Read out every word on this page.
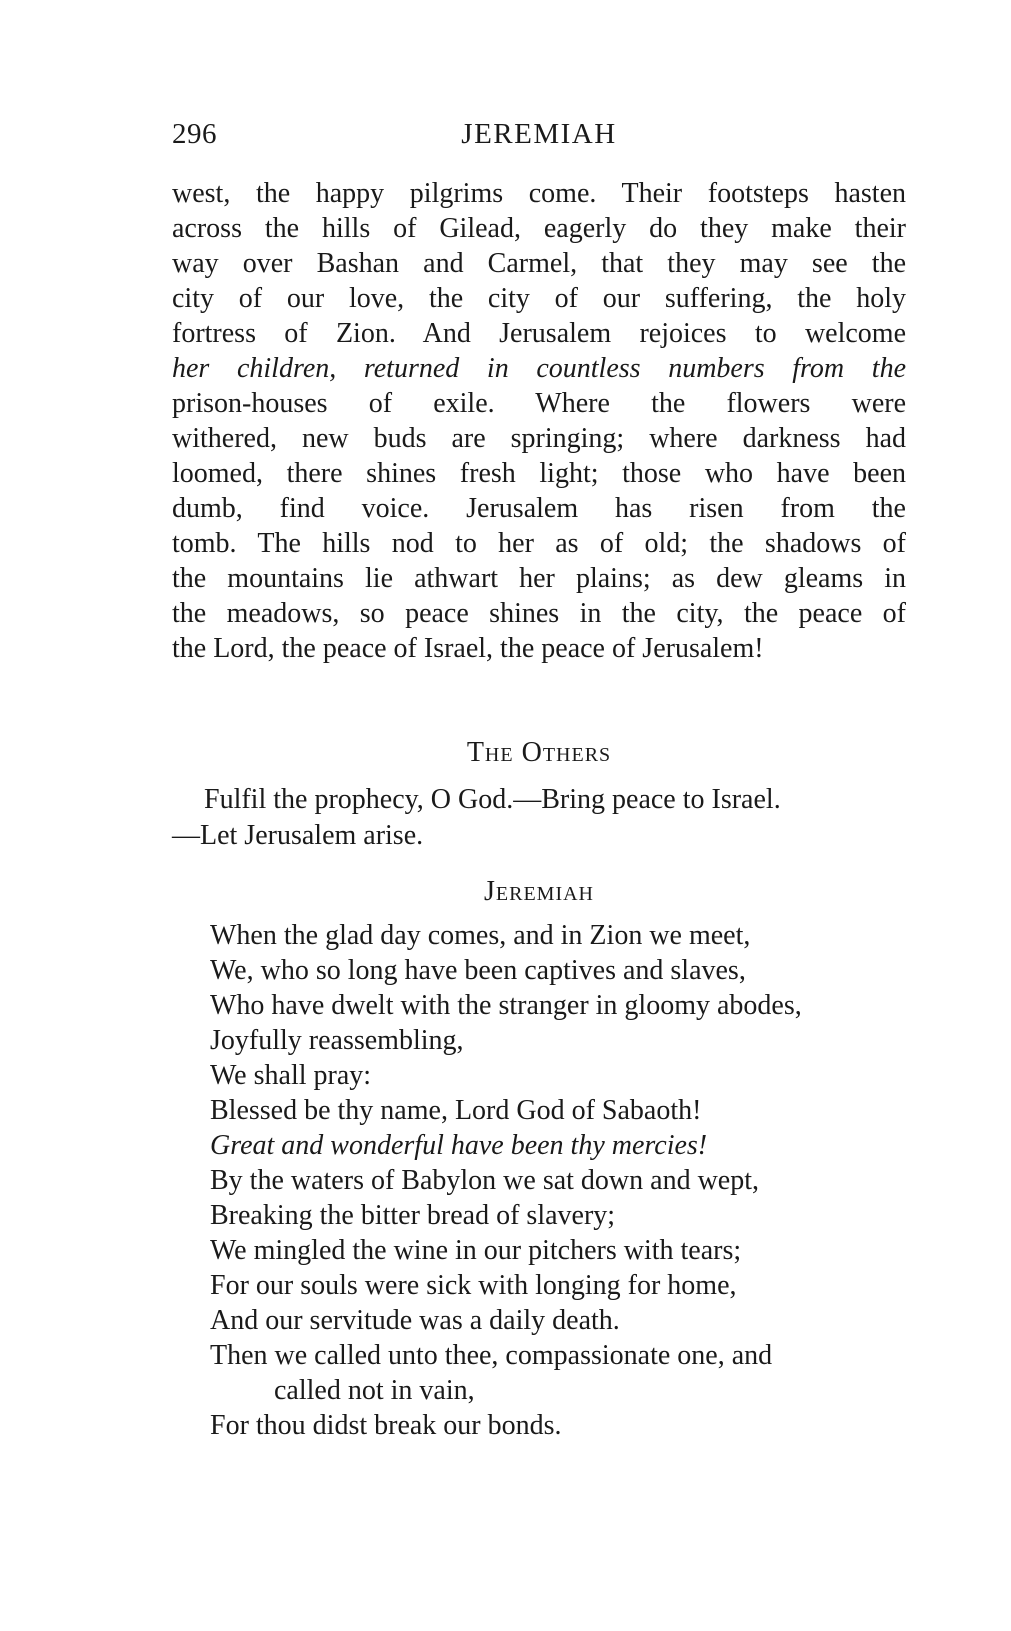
296	JEREMIAH
west, the happy pilgrims come. Their footsteps hasten
across the hills of Gilead, eagerly do they make their
way over Bashan and Carmel, that they may see the
city of our love, the city of our suffering, the holy
fortress of Zion. And Jerusalem rejoices to welcome
her children, returned in countless numbers from the
prison-houses of exile. Where the flowers were
withered, new buds are springing; where darkness had
loomed, there shines fresh light; those who have been
dumb, find voice. Jerusalem has risen from the
tomb. The hills nod to her as of old; the shadows of
the mountains lie athwart her plains; as dew gleams in
the meadows, so peace shines in the city, the peace of
the Lord, the peace of Israel, the peace of Jerusalem!
The Others
Fulfil the prophecy, O God.—Bring peace to Israel.
—Let Jerusalem arise.
Jeremiah
When the glad day comes, and in Zion we meet,
We, who so long have been captives and slaves,
Who have dwelt with the stranger in gloomy abodes,
Joyfully reassembling,
We shall pray:
Blessed be thy name, Lord God of Sabaoth!
Great and wonderful have been thy mercies!
By the waters of Babylon we sat down and wept,
Breaking the bitter bread of slavery;
We mingled the wine in our pitchers with tears;
For our souls were sick with longing for home,
And our servitude was a daily death.
Then we called unto thee, compassionate one, and
called not in vain,
For thou didst break our bonds.
